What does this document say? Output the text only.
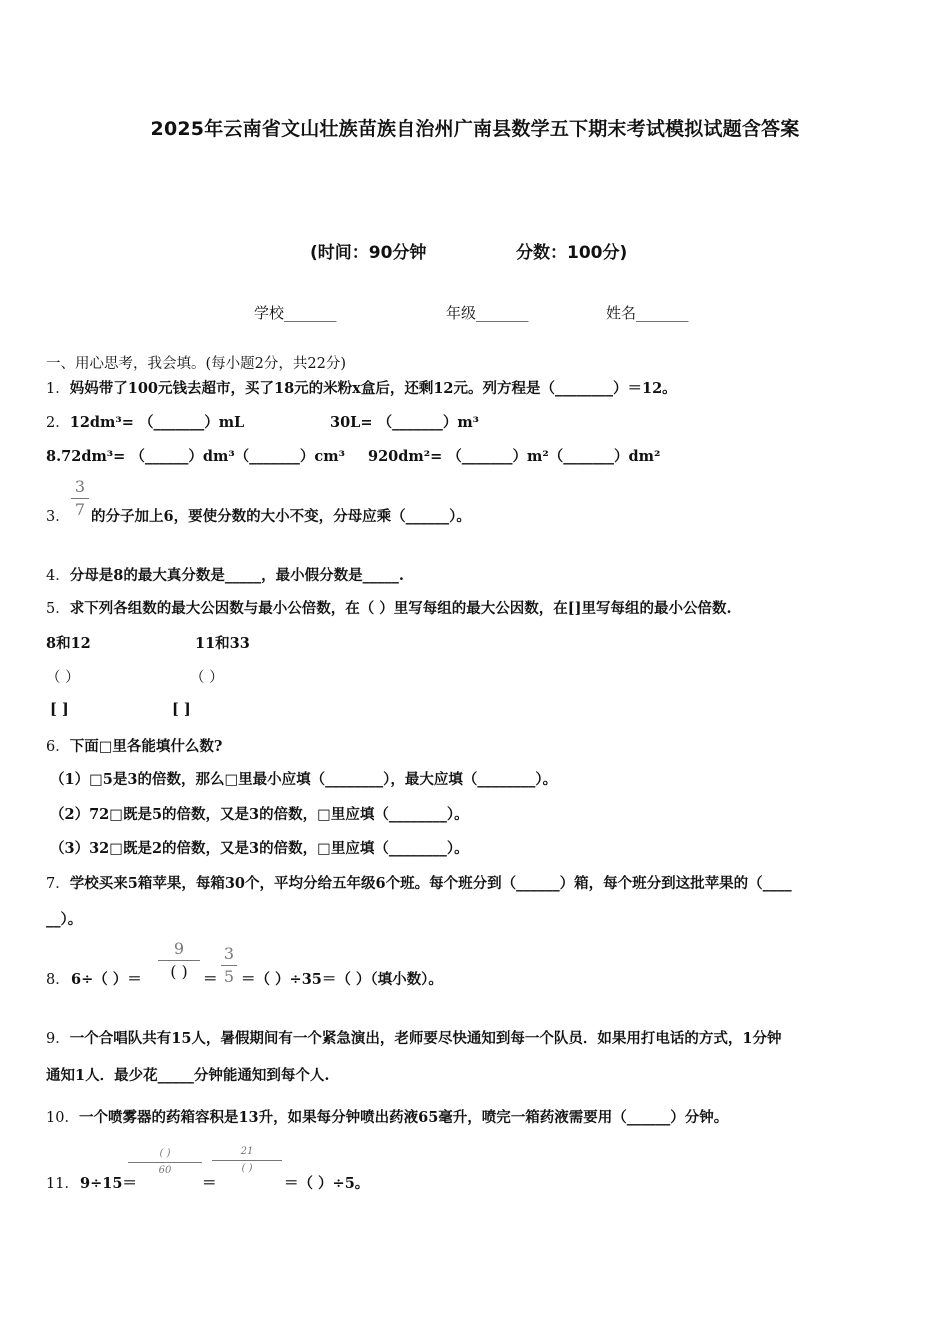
2025年云南省文山壮族苗族自治州广南县数学五下期末考试模拟试题含答案
(时间：90分钟	分数：100分)
学校_______	年级_______	姓名_______
一、用心思考，我会填。(每小题2分，共22分)
1．妈妈带了100元钱去超市，买了18元的米粉x盒后，还剩12元。列方程是（________）＝12。
2．12dm³= （_______）mL	30L= （_______）m³
8.72dm³= （______）dm³（_______）cm³ 920dm²= （_______）m²（_______）dm²
3．
3
7 的分子加上6，要使分数的大小不变，分母应乘（______）。
4．分母是8的最大真分数是_____，最小假分数是_____.
5．求下列各组数的最大公因数与最小公倍数，在（ ）里写每组的最大公因数，在[]里写每组的最小公倍数.
8和12	11和33
（ ）	（ ）
[ ]	[ ]
6．下面□里各能填什么数?
（1）□5是3的倍数，那么□里最小应填（________），最大应填（________）。
（2）72□既是5的倍数，又是3的倍数，□里应填（________）。
（3）32□既是2的倍数，又是3的倍数，□里应填（________）。
7．学校买来5箱苹果，每箱30个，平均分给五年级6个班。每个班分到（______）箱，每个班分到这批苹果的（____
__）。
8． 6÷（ ）＝
9
( )	＝
3
5 ＝（ ）÷35＝（ ）（填小数）。
9．一个合唱队共有15人，暑假期间有一个紧急演出，老师要尽快通知到每一个队员．如果用打电话的方式，1分钟
通知1人．最少花_____分钟能通知到每个人.
10．一个喷雾器的药箱容积是13升，如果每分钟喷出药液65毫升，喷完一箱药液需要用（______）分钟。
11． 9÷15＝
( )
60
＝
21
( )
＝（ ）÷5。
